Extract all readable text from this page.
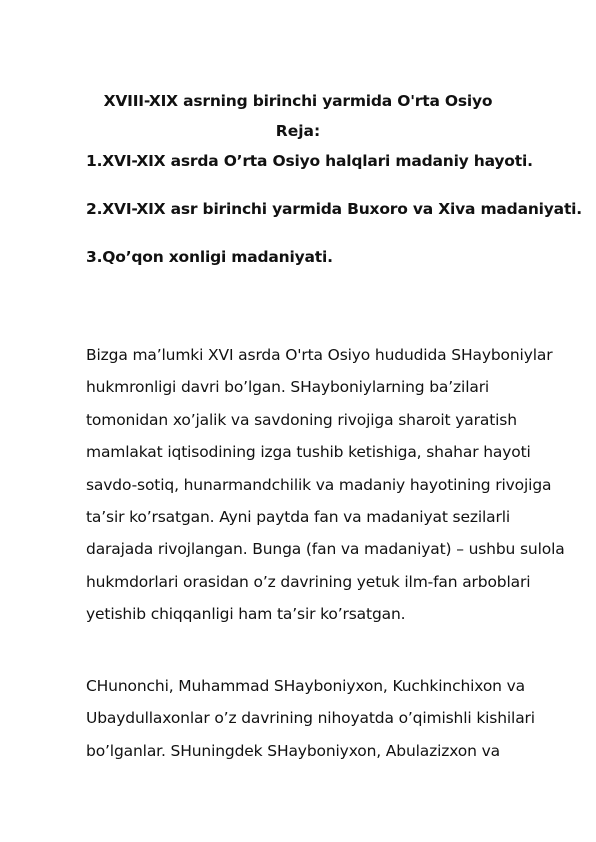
XVIII-XIX asrning birinchi yarmida O'rta Osiyo
Reja:
1.XVI-XIX asrda O’rta Osiyo halqlari madaniy hayoti.
2.XVI-XIX asr birinchi yarmida Buxoro va Xiva madaniyati.
3.Qo’qon xonligi madaniyati.

Bizga ma’lumki XVI asrda O'rta Osiyo hududida SHayboniylar
hukmronligi davri bo’lgan. SHayboniylarning ba’zilari
tomonidan xo’jalik va savdoning rivojiga sharoit yaratish
mamlakat iqtisodining izga tushib ketishiga, shahar hayoti
savdo-sotiq, hunarmandchilik va madaniy hayotining rivojiga
ta’sir ko’rsatgan. Ayni paytda fan va madaniyat sezilarli
darajada rivojlangan. Bunga (fan va madaniyat) – ushbu sulola
hukmdorlari orasidan o’z davrining yetuk ilm-fan arboblari
yetishib chiqqanligi ham ta’sir ko’rsatgan.

CHunonchi, Muhammad SHayboniyxon, Kuchkinchixon va
Ubaydullaxonlar o’z davrining nihoyatda o’qimishli kishilari
bo’lganlar. SHuningdek SHayboniyxon, Abulazizxon va
